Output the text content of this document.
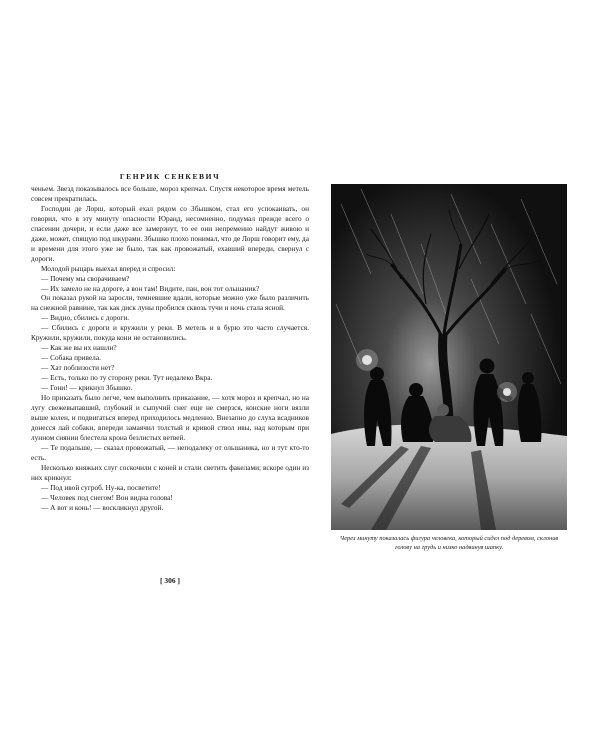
ГЕНРИК СЕНКЕВИЧ

ченьем. Звезд показывалось все больше, мороз крепчал. Спустя некоторое время метель совсем прекратилась.

Господин де Лорш, который ехал рядом со Збышком, стал его успокаивать, он говорил, что в эту минуту опасности Юранд, несомненно, подумал прежде всего о спасении дочери, и если даже все замерзнут, то ее они непременно найдут живою и даже, может, спящую под шкурами. Збышко плохо понимал, что де Лорш говорит ему, да и времени для этого уже не было, так как провожатый, ехавший впереди, свернул с дороги.

Молодой рыцарь выехал вперед и спросил:

— Почему мы сворачиваем?

— Их замело не на дороге, а вон там! Видите, пан, вон тот ольшаник?

Он показал рукой на заросли, темневшие вдали, которые можно уже было различить на снежной равнине, так как диск луны пробился сквозь тучи и ночь стала ясной.

— Видно, сбились с дороги.

— Сбились с дороги и кружили у реки. В метель и в бурю это часто случается. Кружили, кружили, покуда кони не остановились.

— Как же вы их нашли?

— Собака привела.

— Хат поблизости нет?

— Есть, только по ту сторону реки. Тут недалеко Вкра.

— Гони! — крикнул Збышко.

Но приказать было легче, чем выполнить приказание, — хотя мороз и крепчал, но на лугу свежевыпавший, глубокий и сыпучий снег еще не смерзся, конские ноги вязли выше колен, и подвигаться вперед приходилось медленно. Внезапно до слуха всадников донесся лай собаки, впереди замаячил толстый и кривой ствол ивы, над которым при лунном сиянии блестела крона безлистых ветвей.

— Те подальше, — сказал провожатый, — неподалеку от ольшаника, но и тут кто-то есть.

Несколько княжьих слуг соскочили с коней и стали светить факелами; вскоре один из них крикнул:

— Под ивой сугроб. Ну-ка, посветите!

— Человек под снегом! Вон видна голова!

— А вот и конь! — воскликнул другой.

[ 306 ]
Через минуту показалась фигура человека, который сидел под деревом, склонив голову на грудь и низко надвинув шапку.
